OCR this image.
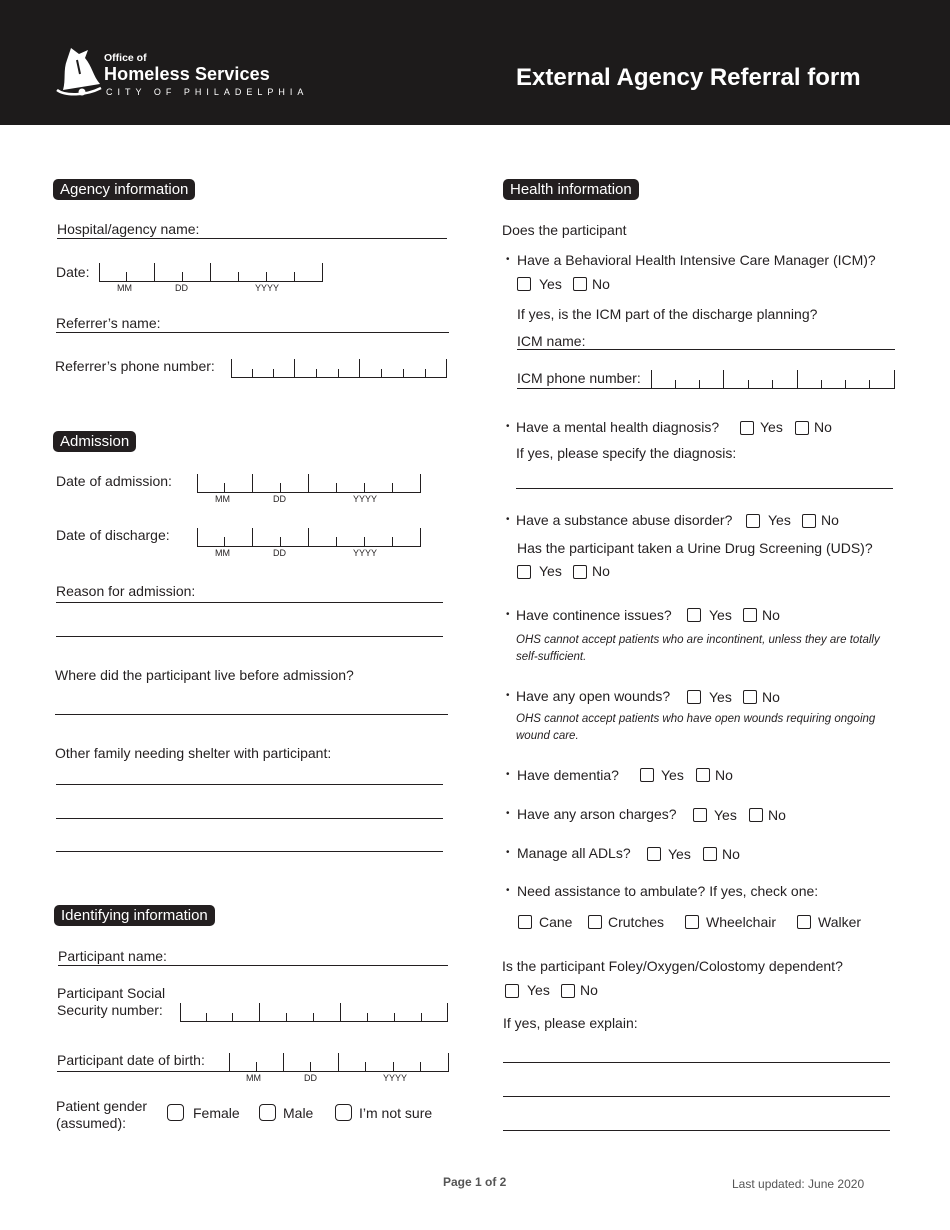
Office of
Homeless Services
CITY OF PHILADELPHIA
External Agency Referral form
Agency information
Hospital/agency name:
Date:
MM	DD	YYYY
Referrer’s name:
Referrer’s phone number:
Admission
Date of admission:
MM	DD	YYYY
Date of discharge:
MM	DD	YYYY
Reason for admission:
Where did the participant live before admission?
Other family needing shelter with participant:
Identifying information
Participant name:
Participant Social
Security number:
Participant date of birth:
MM	DD	YYYY
Patient gender
(assumed):
Female	Male	I’m not sure
Health information
Does the participant
• Have a Behavioral Health Intensive Care Manager (ICM)?
Yes No
If yes, is the ICM part of the discharge planning?
ICM name:
ICM phone number:
• Have a mental health diagnosis?	Yes No
If yes, please specify the diagnosis:
• Have a substance abuse disorder?	Yes No
Has the participant taken a Urine Drug Screening (UDS)?
Yes No
• Have continence issues?	Yes No
OHS cannot accept patients who are incontinent, unless they are totally self-sufficient.
• Have any open wounds?	Yes No
OHS cannot accept patients who have open wounds requiring ongoing wound care.
• Have dementia?	Yes No
• Have any arson charges?	Yes No
• Manage all ADLs?	Yes No
• Need assistance to ambulate? If yes, check one:
Cane	Crutches	Wheelchair	Walker
Is the participant Foley/Oxygen/Colostomy dependent?
Yes No
If yes, please explain:
Page 1 of 2	Last updated: June 2020
